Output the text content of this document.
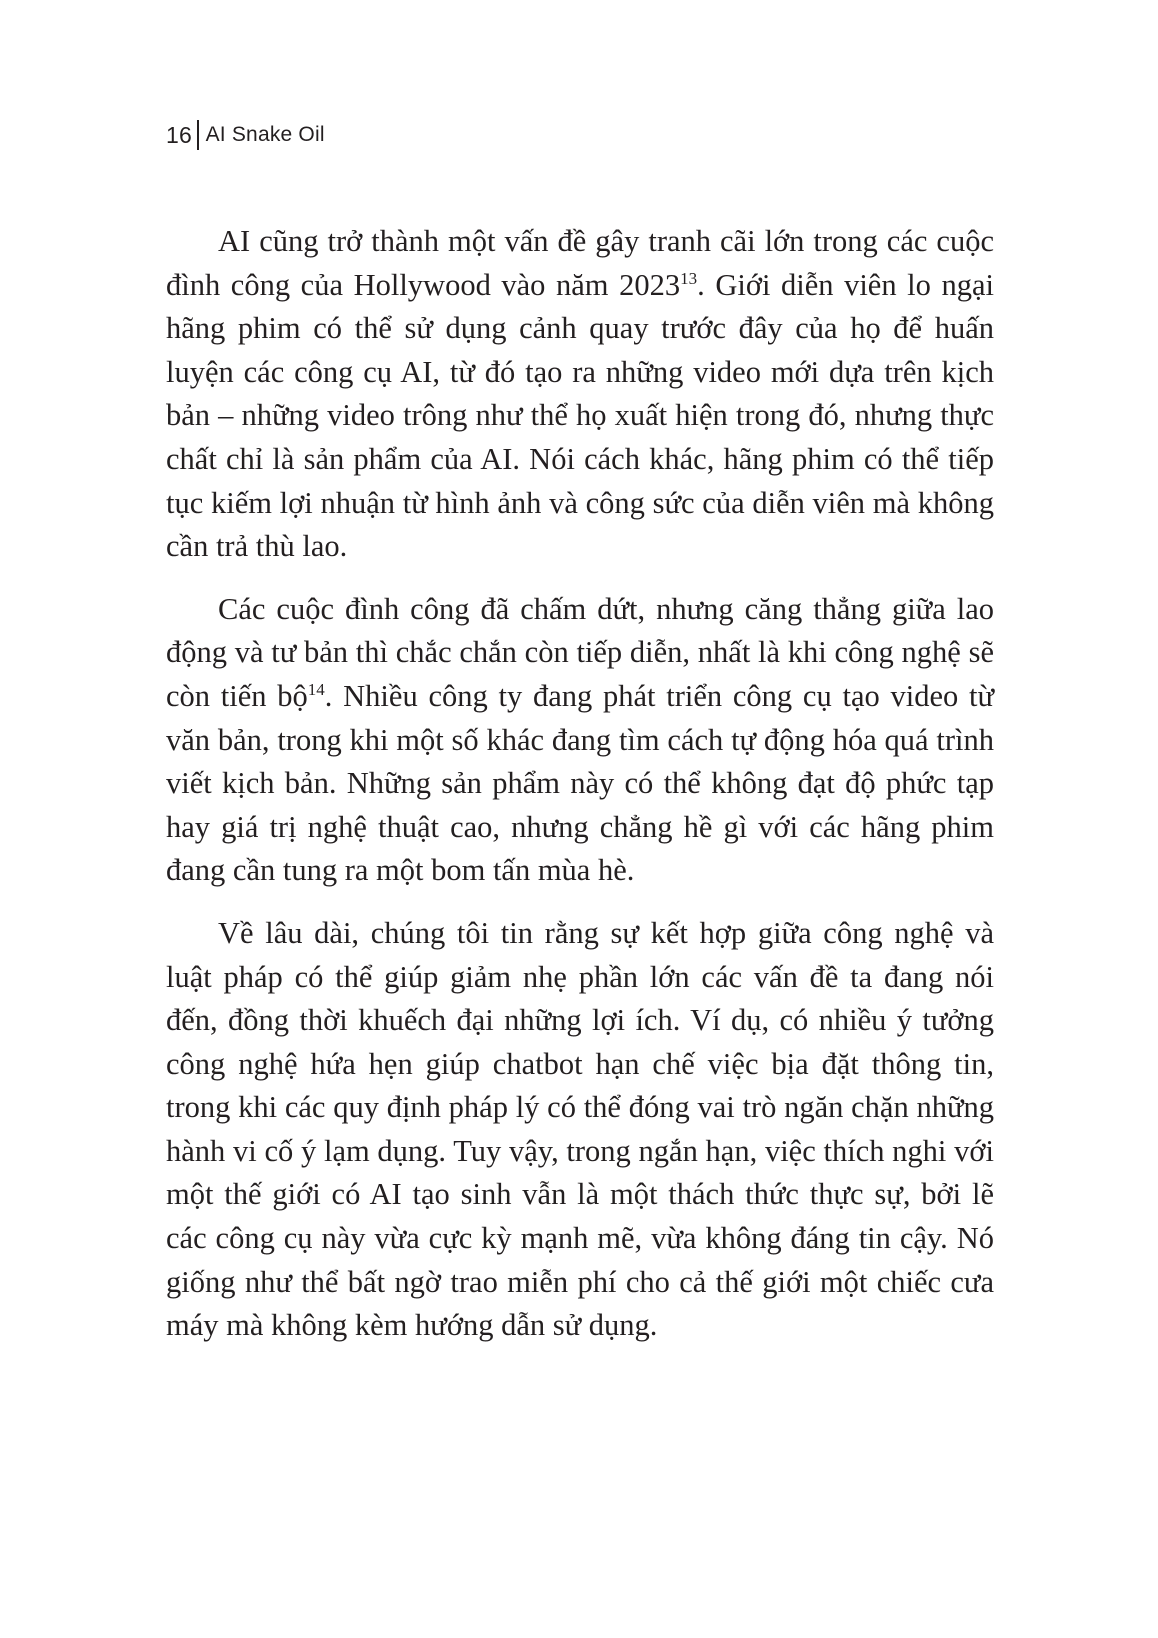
16 AI Snake Oil

AI cũng trở thành một vấn đề gây tranh cãi lớn trong các cuộc đình công của Hollywood vào năm 2023$^{13}$. Giới diễn viên lo ngại hãng phim có thể sử dụng cảnh quay trước đây của họ để huấn luyện các công cụ AI, từ đó tạo ra những video mới dựa trên kịch bản – những video trông như thể họ xuất hiện trong đó, nhưng thực chất chỉ là sản phẩm của AI. Nói cách khác, hãng phim có thể tiếp tục kiếm lợi nhuận từ hình ảnh và công sức của diễn viên mà không cần trả thù lao.

Các cuộc đình công đã chấm dứt, nhưng căng thẳng giữa lao động và tư bản thì chắc chắn còn tiếp diễn, nhất là khi công nghệ sẽ còn tiến bộ$^{14}$. Nhiều công ty đang phát triển công cụ tạo video từ văn bản, trong khi một số khác đang tìm cách tự động hóa quá trình viết kịch bản. Những sản phẩm này có thể không đạt độ phức tạp hay giá trị nghệ thuật cao, nhưng chẳng hề gì với các hãng phim đang cần tung ra một bom tấn mùa hè.

Về lâu dài, chúng tôi tin rằng sự kết hợp giữa công nghệ và luật pháp có thể giúp giảm nhẹ phần lớn các vấn đề ta đang nói đến, đồng thời khuếch đại những lợi ích. Ví dụ, có nhiều ý tưởng công nghệ hứa hẹn giúp chatbot hạn chế việc bịa đặt thông tin, trong khi các quy định pháp lý có thể đóng vai trò ngăn chặn những hành vi cố ý lạm dụng. Tuy vậy, trong ngắn hạn, việc thích nghi với một thế giới có AI tạo sinh vẫn là một thách thức thực sự, bởi lẽ các công cụ này vừa cực kỳ mạnh mẽ, vừa không đáng tin cậy. Nó giống như thể bất ngờ trao miễn phí cho cả thế giới một chiếc cưa máy mà không kèm hướng dẫn sử dụng.
